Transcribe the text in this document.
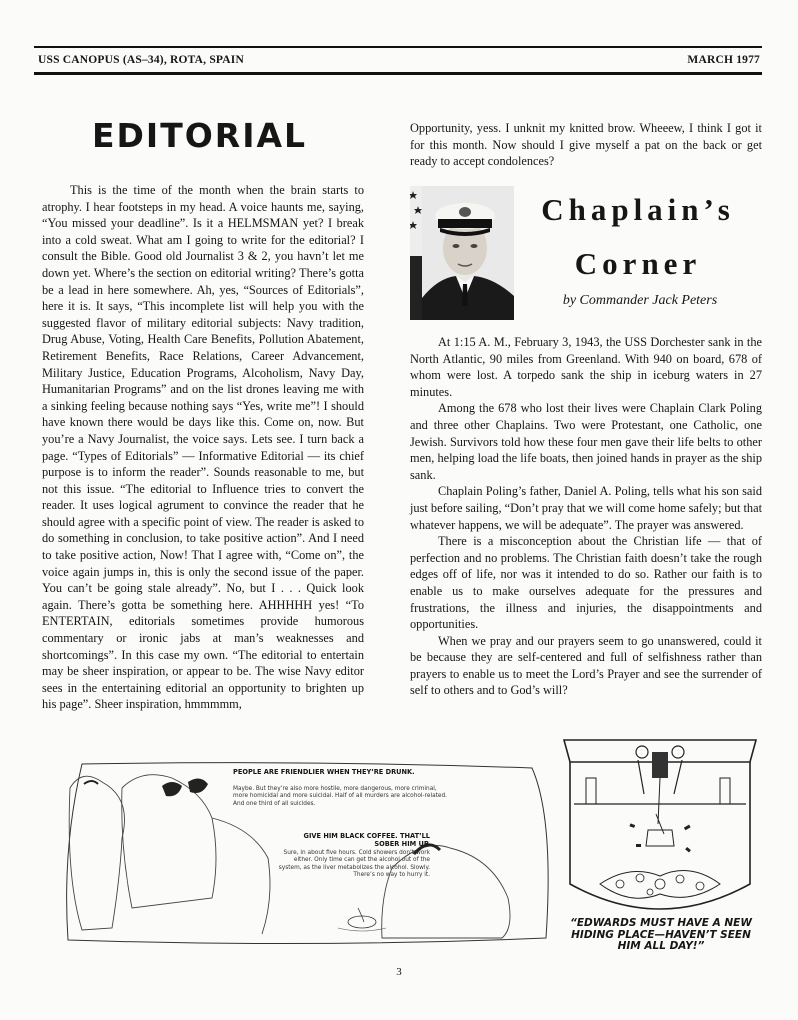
USS CANOPUS (AS–34), ROTA, SPAIN	MARCH 1977
EDITORIAL

This is the time of the month when the brain starts to atrophy. I hear footsteps in my head. A voice haunts me, saying, “You missed your deadline”. Is it a HELMSMAN yet? I break into a cold sweat. What am I going to write for the editorial? I consult the Bible. Good old Journalist 3 & 2, you havn’t let me down yet. Where’s the section on editorial writing? There’s gotta be a lead in here somewhere. Ah, yes, “Sources of Editorials”, here it is. It says, “This incomplete list will help you with the suggested flavor of military editorial subjects: Navy tradition, Drug Abuse, Voting, Health Care Benefits, Pollution Abatement, Retirement Benefits, Race Relations, Career Advancement, Military Justice, Education Programs, Alcoholism, Navy Day, Humanitarian Programs” and on the list drones leaving me with a sinking feeling because nothing says “Yes, write me”! I should have known there would be days like this. Come on, now. But you’re a Navy Journalist, the voice says. Lets see. I turn back a page. “Types of Editorials” — Informative Editorial — its chief purpose is to inform the reader”. Sounds reasonable to me, but not this issue. “The editorial to Influence tries to convert the reader. It uses logical agrument to convince the reader that he should agree with a specific point of view. The reader is asked to do something in conclusion, to take positive action”. And I need to take positive action, Now! That I agree with, “Come on”, the voice again jumps in, this is only the second issue of the paper. You can’t be going stale already”. No, but I . . . Quick look again. There’s gotta be something here. AHHHHH yes! “To ENTERTAIN, editorials sometimes provide humorous commentary or ironic jabs at man’s weaknesses and shortcomings”. In this case my own. “The editorial to entertain may be sheer inspiration, or appear to be. The wise Navy editor sees in the entertaining editorial an opportunity to brighten up his page”. Sheer inspiration, hmmmmm,

Opportunity, yess. I unknit my knitted brow. Wheeew, I think I got it for this month. Now should I give myself a pat on the back or get ready to accept condolences?

Chaplain’s
Corner
by Commander Jack Peters

At 1:15 A. M., February 3, 1943, the USS Dorchester sank in the North Atlantic, 90 miles from Greenland. With 940 on board, 678 of whom were lost. A torpedo sank the ship in iceburg waters in 27 minutes.

Among the 678 who lost their lives were Chaplain Clark Poling and three other Chaplains. Two were Protestant, one Catholic, one Jewish. Survivors told how these four men gave their life belts to other men, helping load the life boats, then joined hands in prayer as the ship sank.

Chaplain Poling’s father, Daniel A. Poling, tells what his son said just before sailing, “Don’t pray that we will come home safely; but that whatever happens, we will be adequate”. The prayer was answered.

There is a misconception about the Christian life — that of perfection and no problems. The Christian faith doesn’t take the rough edges off of life, nor was it intended to do so. Rather our faith is to enable us to make ourselves adequate for the pressures and frustrations, the illness and injuries, the disappointments and opportunities.

When we pray and our prayers seem to go unanswered, could it be because they are self-centered and full of selfishness rather than prayers to enable us to meet the Lord’s Prayer and see the surrender of self to others and to God’s will?

PEOPLE ARE FRIENDLIER WHEN THEY’RE DRUNK.
Maybe. But they’re also more hostile, more dangerous, more criminal, more homicidal and more suicidal. Half of all murders are alcohol-related. And one third of all suicides.
GIVE HIM BLACK COFFEE. THAT’LL SOBER HIM UP.
Sure, in about five hours. Cold showers don’t work either. Only time can get the alcohol out of the system, as the liver metabolizes the alcohol. Slowly. There’s no way to hurry it.
“EDWARDS MUST HAVE A NEW HIDING PLACE—HAVEN’T SEEN HIM ALL DAY!”
3
